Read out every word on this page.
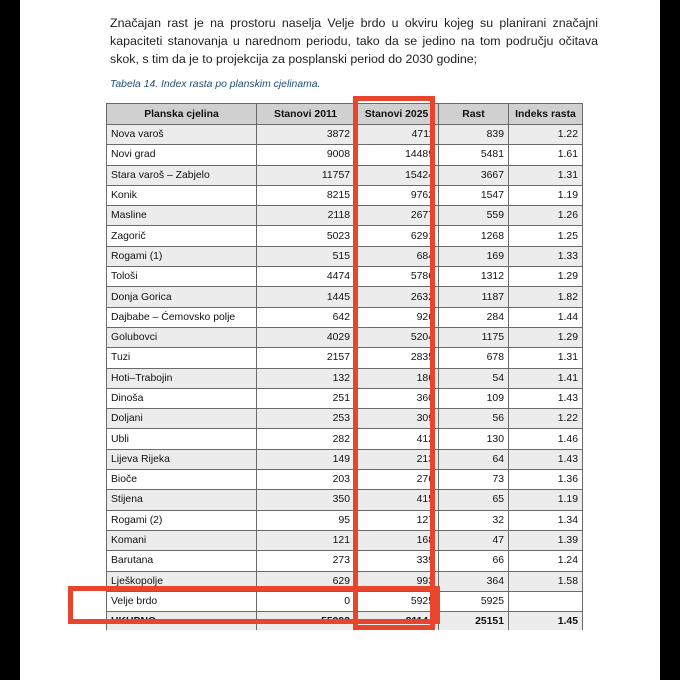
Značajan rast je na prostoru naselja Velje brdo u okviru kojeg su planirani značajni kapaciteti stanovanja u narednom periodu, tako da se jedino na tom području očitava skok, s tim da je to projekcija za posplanski period do 2030 godine;

Tabela 14. Index rasta po planskim cjelinama.

Planska cjelina	Stanovi 2011	Stanovi 2025	Rast	Indeks rasta
Nova varoš	3872	4711	839	1.22
Novi grad	9008	14489	5481	1.61
Stara varoš – Zabjelo	11757	15424	3667	1.31
Konik	8215	9762	1547	1.19
Masline	2118	2677	559	1.26
Zagorič	5023	6291	1268	1.25
Rogami (1)	515	684	169	1.33
Tološi	4474	5786	1312	1.29
Donja Gorica	1445	2632	1187	1.82
Dajbabe – Ćemovsko polje	642	926	284	1.44
Golubovci	4029	5204	1175	1.29
Tuzi	2157	2835	678	1.31
Hoti–Trabojin	132	186	54	1.41
Dinoša	251	360	109	1.43
Doljani	253	309	56	1.22
Ubli	282	412	130	1.46
Lijeva Rijeka	149	213	64	1.43
Bioče	203	276	73	1.36
Stijena	350	415	65	1.19
Rogami (2)	95	127	32	1.34
Komani	121	168	47	1.39
Barutana	273	339	66	1.24
Lješkopolje	629	993	364	1.58
Velje brdo	0	5925	5925	
UKUPNO	55993	81144	25151	1.45
